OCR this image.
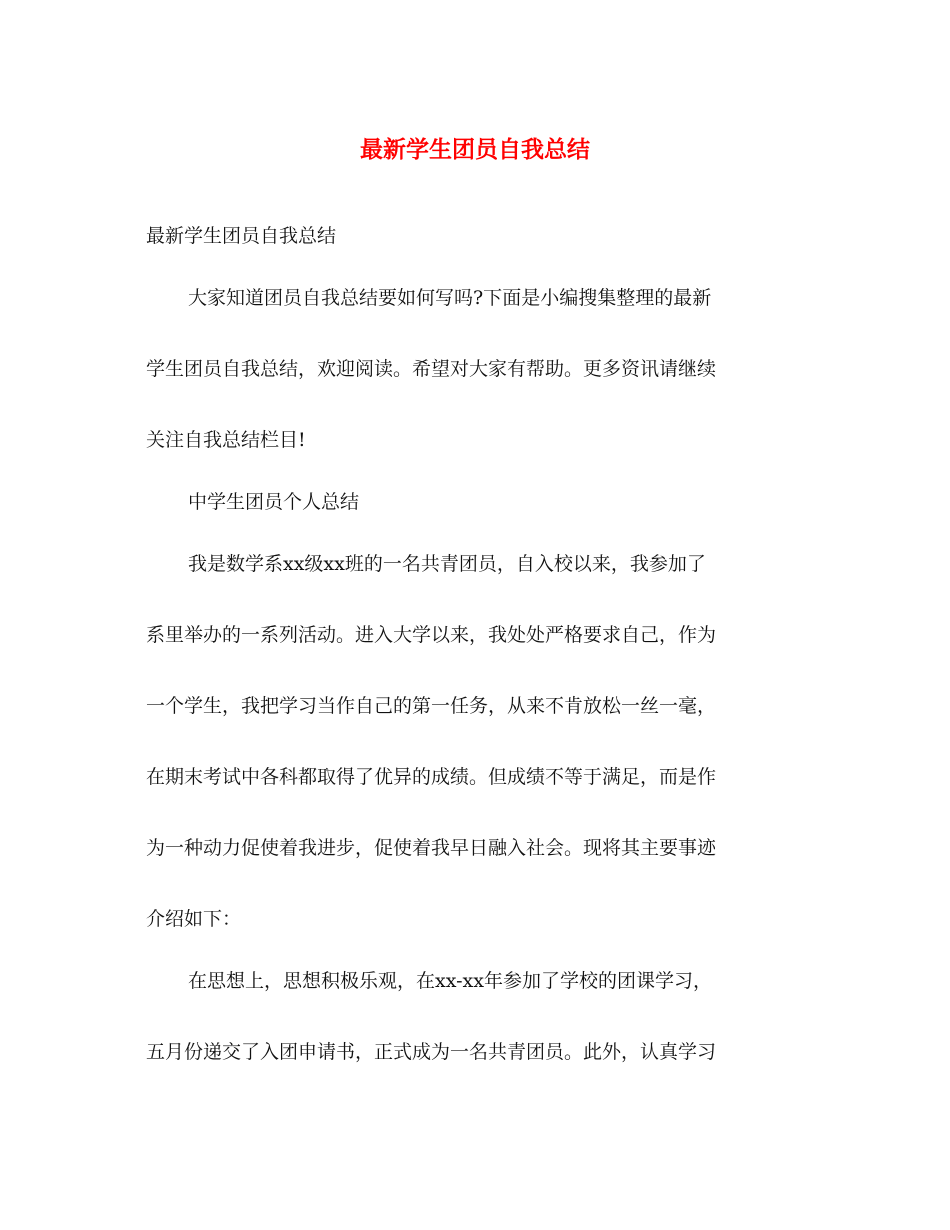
最新学生团员自我总结

最新学生团员自我总结

大家知道团员自我总结要如何写吗?下面是小编搜集整理的最新

学生团员自我总结，欢迎阅读。希望对大家有帮助。更多资讯请继续

关注自我总结栏目!

中学生团员个人总结

我是数学系xx级xx班的一名共青团员，自入校以来，我参加了

系里举办的一系列活动。进入大学以来，我处处严格要求自己，作为

一个学生，我把学习当作自己的第一任务，从来不肯放松一丝一毫，

在期末考试中各科都取得了优异的成绩。但成绩不等于满足，而是作

为一种动力促使着我进步，促使着我早日融入社会。现将其主要事迹

介绍如下：

在思想上，思想积极乐观，在xx-xx年参加了学校的团课学习，

五月份递交了入团申请书，正式成为一名共青团员。此外，认真学习
